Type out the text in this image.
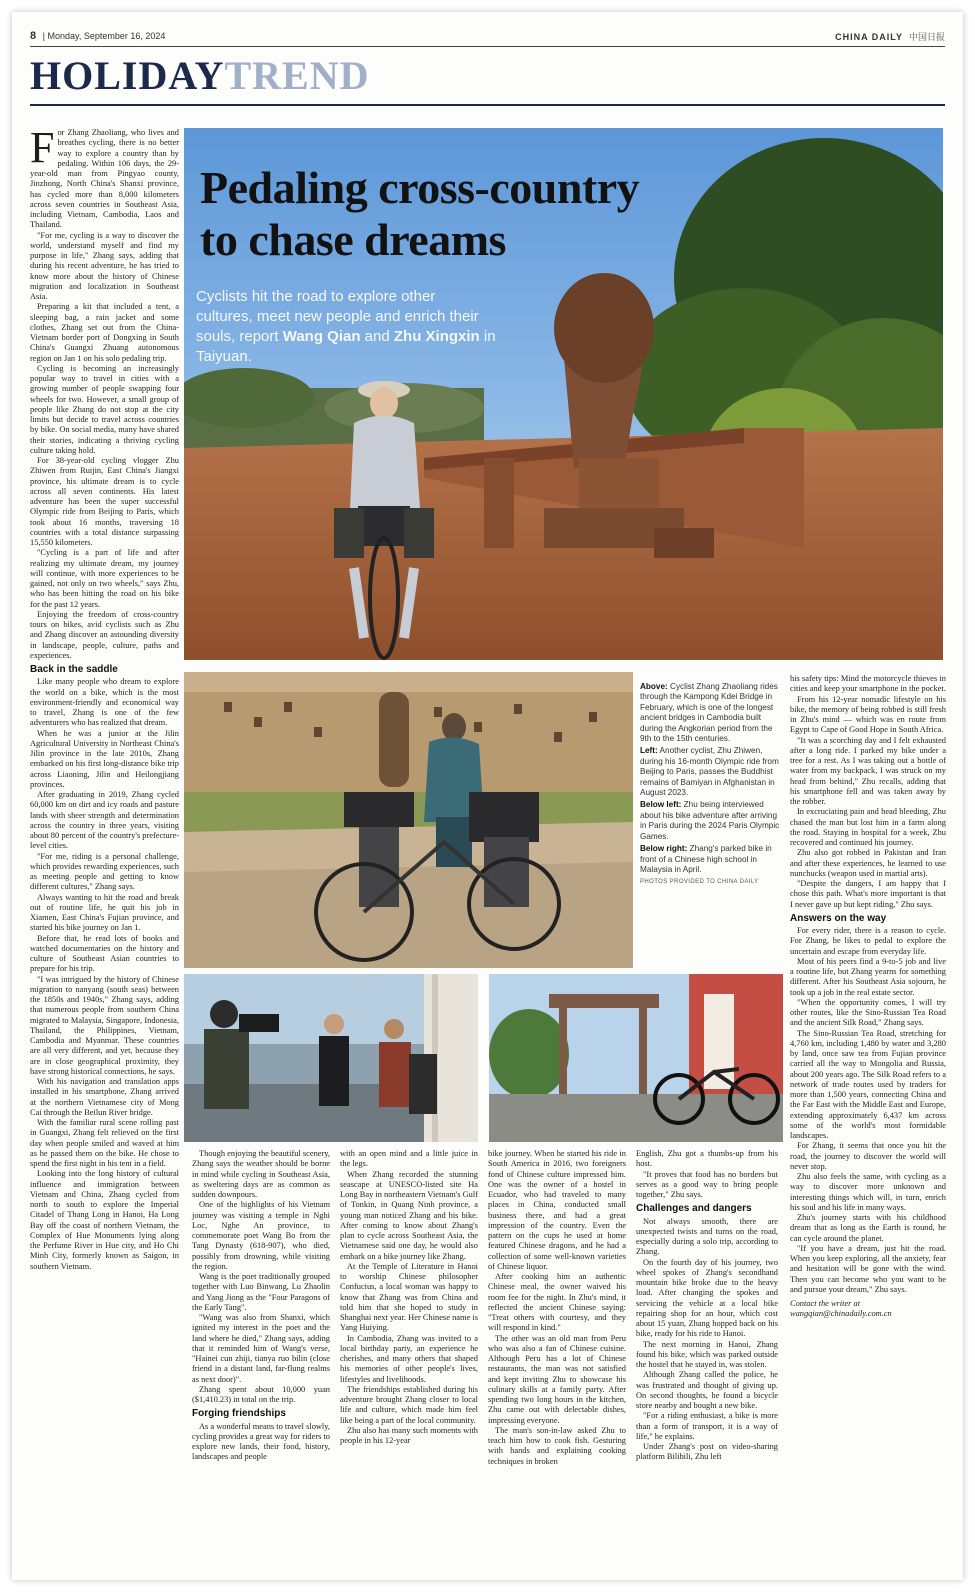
8 | Monday, September 16, 2024	CHINA DAILY 中国日报
HOLIDAYTREND

For Zhang Zhaoliang, who lives and breathes cycling, there is no better way to explore a country than by pedaling. Within 106 days, the 29-year-old man from Pingyao county, Jinzhong, North China's Shanxi province, has cycled more than 8,000 kilometers across seven countries in Southeast Asia, including Vietnam, Cambodia, Laos and Thailand.

"For me, cycling is a way to discover the world, understand myself and find my purpose in life," Zhang says, adding that during his recent adventure, he has tried to know more about the history of Chinese migration and localization in Southeast Asia.

Preparing a kit that included a tent, a sleeping bag, a rain jacket and some clothes, Zhang set out from the China-Vietnam border port of Dongxing in South China's Guangxi Zhuang autonomous region on Jan 1 on his solo pedaling trip.

Cycling is becoming an increasingly popular way to travel in cities with a growing number of people swapping four wheels for two. However, a small group of people like Zhang do not stop at the city limits but decide to travel across countries by bike. On social media, many have shared their stories, indicating a thriving cycling culture taking hold.

For 38-year-old cycling vlogger Zhu Zhiwen from Ruijin, East China's Jiangxi province, his ultimate dream is to cycle across all seven continents. His latest adventure has been the super successful Olympic ride from Beijing to Paris, which took about 16 months, traversing 18 countries with a total distance surpassing 15,550 kilometers.

"Cycling is a part of life and after realizing my ultimate dream, my journey will continue, with more experiences to be gained, not only on two wheels," says Zhu, who has been hitting the road on his bike for the past 12 years.

Enjoying the freedom of cross-country tours on bikes, avid cyclists such as Zhu and Zhang discover an astounding diversity in landscape, people, culture, paths and experiences.

Back in the saddle

Like many people who dream to explore the world on a bike, which is the most environment-friendly and economical way to travel, Zhang is one of the few adventurers who has realized that dream.

When he was a junior at the Jilin Agricultural University in Northeast China's Jilin province in the late 2010s, Zhang embarked on his first long-distance bike trip across Liaoning, Jilin and Heilongjiang provinces.

After graduating in 2019, Zhang cycled 60,000 km on dirt and icy roads and pasture lands with sheer strength and determination across the country in three years, visiting about 80 percent of the country's prefecture-level cities.

"For me, riding is a personal challenge, which provides rewarding experiences, such as meeting people and getting to know different cultures," Zhang says.

Always wanting to hit the road and break out of routine life, he quit his job in Xiamen, East China's Fujian province, and started his bike journey on Jan 1.

Before that, he read lots of books and watched documentaries on the history and culture of Southeast Asian countries to prepare for his trip.

"I was intrigued by the history of Chinese migration to nanyang (south seas) between the 1850s and 1940s," Zhang says, adding that numerous people from southern China migrated to Malaysia, Singapore, Indonesia, Thailand, the Philippines, Vietnam, Cambodia and Myanmar. These countries are all very different, and yet, because they are in close geographical proximity, they have strong historical connections, he says.

With his navigation and translation apps installed in his smartphone, Zhang arrived at the northern Vietnamese city of Mong Cai through the Beilun River bridge.

With the familiar rural scene rolling past in Guangxi, Zhang felt relieved on the first day when people smiled and waved at him as he passed them on the bike. He chose to spend the first night in his tent in a field.

Looking into the long history of cultural influence and immigration between Vietnam and China, Zhang cycled from north to south to explore the Imperial Citadel of Thang Long in Hanoi, Ha Long Bay off the coast of northern Vietnam, the Complex of Hue Monuments lying along the Perfume River in Hue city, and Ho Chi Minh City, formerly known as Saigon, in southern Vietnam.

Pedaling cross-country
to chase dreams
Cyclists hit the road to explore other cultures, meet new people and enrich their souls, report Wang Qian and Zhu Xingxin in Taiyuan.

Above: Cyclist Zhang Zhaoliang rides through the Kampong Kdei Bridge in February, which is one of the longest ancient bridges in Cambodia built during the Angkorian period from the 9th to the 15th centuries.

Left: Another cyclist, Zhu Zhiwen, during his 16-month Olympic ride from Beijing to Paris, passes the Buddhist remains of Bamiyan in Afghanistan in August 2023.

Below left: Zhu being interviewed about his bike adventure after arriving in Paris during the 2024 Paris Olympic Games.

Below right: Zhang's parked bike in front of a Chinese high school in Malaysia in April.

PHOTOS PROVIDED TO CHINA DAILY

his safety tips: Mind the motorcycle thieves in cities and keep your smartphone in the pocket.

From his 12-year nomadic lifestyle on his bike, the memory of being robbed is still fresh in Zhu's mind — which was en route from Egypt to Cape of Good Hope in South Africa.

"It was a scorching day and I felt exhausted after a long ride. I parked my bike under a tree for a rest. As I was taking out a bottle of water from my backpack, I was struck on my head from behind," Zhu recalls, adding that his smartphone fell and was taken away by the robber.

In excruciating pain and head bleeding, Zhu chased the man but lost him in a farm along the road. Staying in hospital for a week, Zhu recovered and continued his journey.

Zhu also got robbed in Pakistan and Iran and after these experiences, he learned to use nunchucks (weapon used in martial arts).

"Despite the dangers, I am happy that I chose this path. What's more important is that I never gave up but kept riding," Zhu says.

Answers on the way

For every rider, there is a reason to cycle. For Zhang, he likes to pedal to explore the uncertain and escape from everyday life.

Most of his peers find a 9-to-5 job and live a routine life, but Zhang yearns for something different. After his Southeast Asia sojourn, he took up a job in the real estate sector.

"When the opportunity comes, I will try other routes, like the Sino-Russian Tea Road and the ancient Silk Road," Zhang says.

The Sino-Russian Tea Road, stretching for 4,760 km, including 1,480 by water and 3,280 by land, once saw tea from Fujian province carried all the way to Mongolia and Russia, about 200 years ago. The Silk Road refers to a network of trade routes used by traders for more than 1,500 years, connecting China and the Far East with the Middle East and Europe, extending approximately 6,437 km across some of the world's most formidable landscapes.

For Zhang, it seems that once you hit the road, the journey to discover the world will never stop.

Zhu also feels the same, with cycling as a way to discover more unknown and interesting things which will, in turn, enrich his soul and his life in many ways.

Zhu's journey starts with his childhood dream that as long as the Earth is round, he can cycle around the planet.

"If you have a dream, just hit the road. When you keep exploring, all the anxiety, fear and hesitation will be gone with the wind. Then you can become who you want to be and pursue your dream," Zhu says.

Contact the writer at
wangqian@chinadaily.com.cn

Though enjoying the beautiful scenery, Zhang says the weather should be borne in mind while cycling in Southeast Asia, as sweltering days are as common as sudden downpours.

One of the highlights of his Vietnam journey was visiting a temple in Nghi Loc, Nghe An province, to commemorate poet Wang Bo from the Tang Dynasty (618-907), who died, possibly from drowning, while visiting the region.

Wang is the poet traditionally grouped together with Luo Binwang, Lu Zhaolin and Yang Jiong as the "Four Paragons of the Early Tang".

"Wang was also from Shanxi, which ignited my interest in the poet and the land where he died," Zhang says, adding that it reminded him of Wang's verse, "Hainei cun zhiji, tianya ruo bilin (close friend in a distant land, far-flung realms as next door)".

Zhang spent about 10,000 yuan ($1,410.23) in total on the trip.

Forging friendships

As a wonderful means to travel slowly, cycling provides a great way for riders to explore new lands, their food, history, landscapes and people

with an open mind and a little juice in the legs.

When Zhang recorded the stunning seascape at UNESCO-listed site Ha Long Bay in northeastern Vietnam's Gulf of Tonkin, in Quang Ninh province, a young man noticed Zhang and his bike. After coming to know about Zhang's plan to cycle across Southeast Asia, the Vietnamese said one day, he would also embark on a bike journey like Zhang.

At the Temple of Literature in Hanoi to worship Chinese philosopher Confucius, a local woman was happy to know that Zhang was from China and told him that she hoped to study in Shanghai next year. Her Chinese name is Yang Huiying.

In Cambodia, Zhang was invited to a local birthday party, an experience he cherishes, and many others that shaped his memories of other people's lives, lifestyles and livelihoods.

The friendships established during his adventure brought Zhang closer to local life and culture, which made him feel like being a part of the local community.

Zhu also has many such moments with people in his 12-year

bike journey. When he started his ride in South America in 2016, two foreigners fond of Chinese culture impressed him. One was the owner of a hostel in Ecuador, who had traveled to many places in China, conducted small business there, and had a great impression of the country. Even the pattern on the cups he used at home featured Chinese dragons, and he had a collection of some well-known varieties of Chinese liquor.

After cooking him an authentic Chinese meal, the owner waived his room fee for the night. In Zhu's mind, it reflected the ancient Chinese saying: "Treat others with courtesy, and they will respond in kind."

The other was an old man from Peru who was also a fan of Chinese cuisine. Although Peru has a lot of Chinese restaurants, the man was not satisfied and kept inviting Zhu to showcase his culinary skills at a family party. After spending two long hours in the kitchen, Zhu came out with delectable dishes, impressing everyone.

The man's son-in-law asked Zhu to teach him how to cook fish. Gesturing with hands and explaining cooking techniques in broken

English, Zhu got a thumbs-up from his host.

"It proves that food has no borders but serves as a good way to bring people together," Zhu says.

Challenges and dangers

Not always smooth, there are unexpected twists and turns on the road, especially during a solo trip, according to Zhang.

On the fourth day of his journey, two wheel spokes of Zhang's secondhand mountain bike broke due to the heavy load. After changing the spokes and servicing the vehicle at a local bike repairing shop for an hour, which cost about 15 yuan, Zhang hopped back on his bike, ready for his ride to Hanoi.

The next morning in Hanoi, Zhang found his bike, which was parked outside the hostel that he stayed in, was stolen.

Although Zhang called the police, he was frustrated and thought of giving up. On second thoughts, he found a bicycle store nearby and bought a new bike.

"For a riding enthusiast, a bike is more than a form of transport, it is a way of life," he explains.

Under Zhang's post on video-sharing platform Bilibili, Zhu left
